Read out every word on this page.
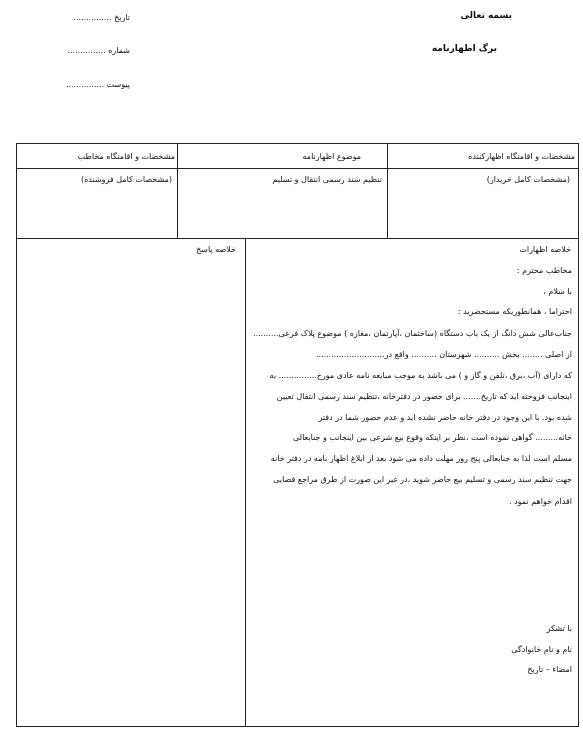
بسمه تعالی
برگ اظهارنامه
تاریخ ...............
شماره ...............
پیوست ...............
مشخصات و اقامتگاه اظهارکننده
موضوع اظهارنامه
مشخصات و اقامتگاه مخاطب
(مشخصات کامل خریدار)
تنظیم سند رسمی انتقال و تسلیم
(مشخصات کامل فروشنده)
خلاصه اظهارات
خلاصه پاسخ
مخاطب محترم :
با سلام ،
احتراما ، همانطوریکه مستحضرید :
جناب‌عالی شش دانگ از یک باب دستگاه (ساختمان ،آپارتمان ،مغازه ) موضوع پلاک فرعی..........
از اصلی ........ بخش .......... شهرستان .......... واقع در...........................
که دارای (آب ،برق ،تلفن و گاز و ) می باشد به موجب مبایعه نامه عادی مورخ............... به
اینجانب فروخته اید که تاریخ....... برای حضور در دفترخانه ،تنظیم سند رسمی انتقال تعیین
شده بود. با این وجود در دفتر خانه حاضر نشده اید و عدم حضور شما در دفتر
خانه......... گواهی نموده است ،نظر بر اینکه وقوع بیع شرعی بین اینجانب و جنابعالی
مسلم است لذا به جنابعالی پنج روز مهلت داده می شود بعد از ابلاغ اظهار نامه در دفتر خانه
جهت تنظیم سند رسمی و تسلیم بیع حاضر شوید ،در غیر این صورت از طرق مراجع قضایی
اقدام خواهم نمود .
با تشکر
نام و نام خانوادگی
امضاء – تاریخ
